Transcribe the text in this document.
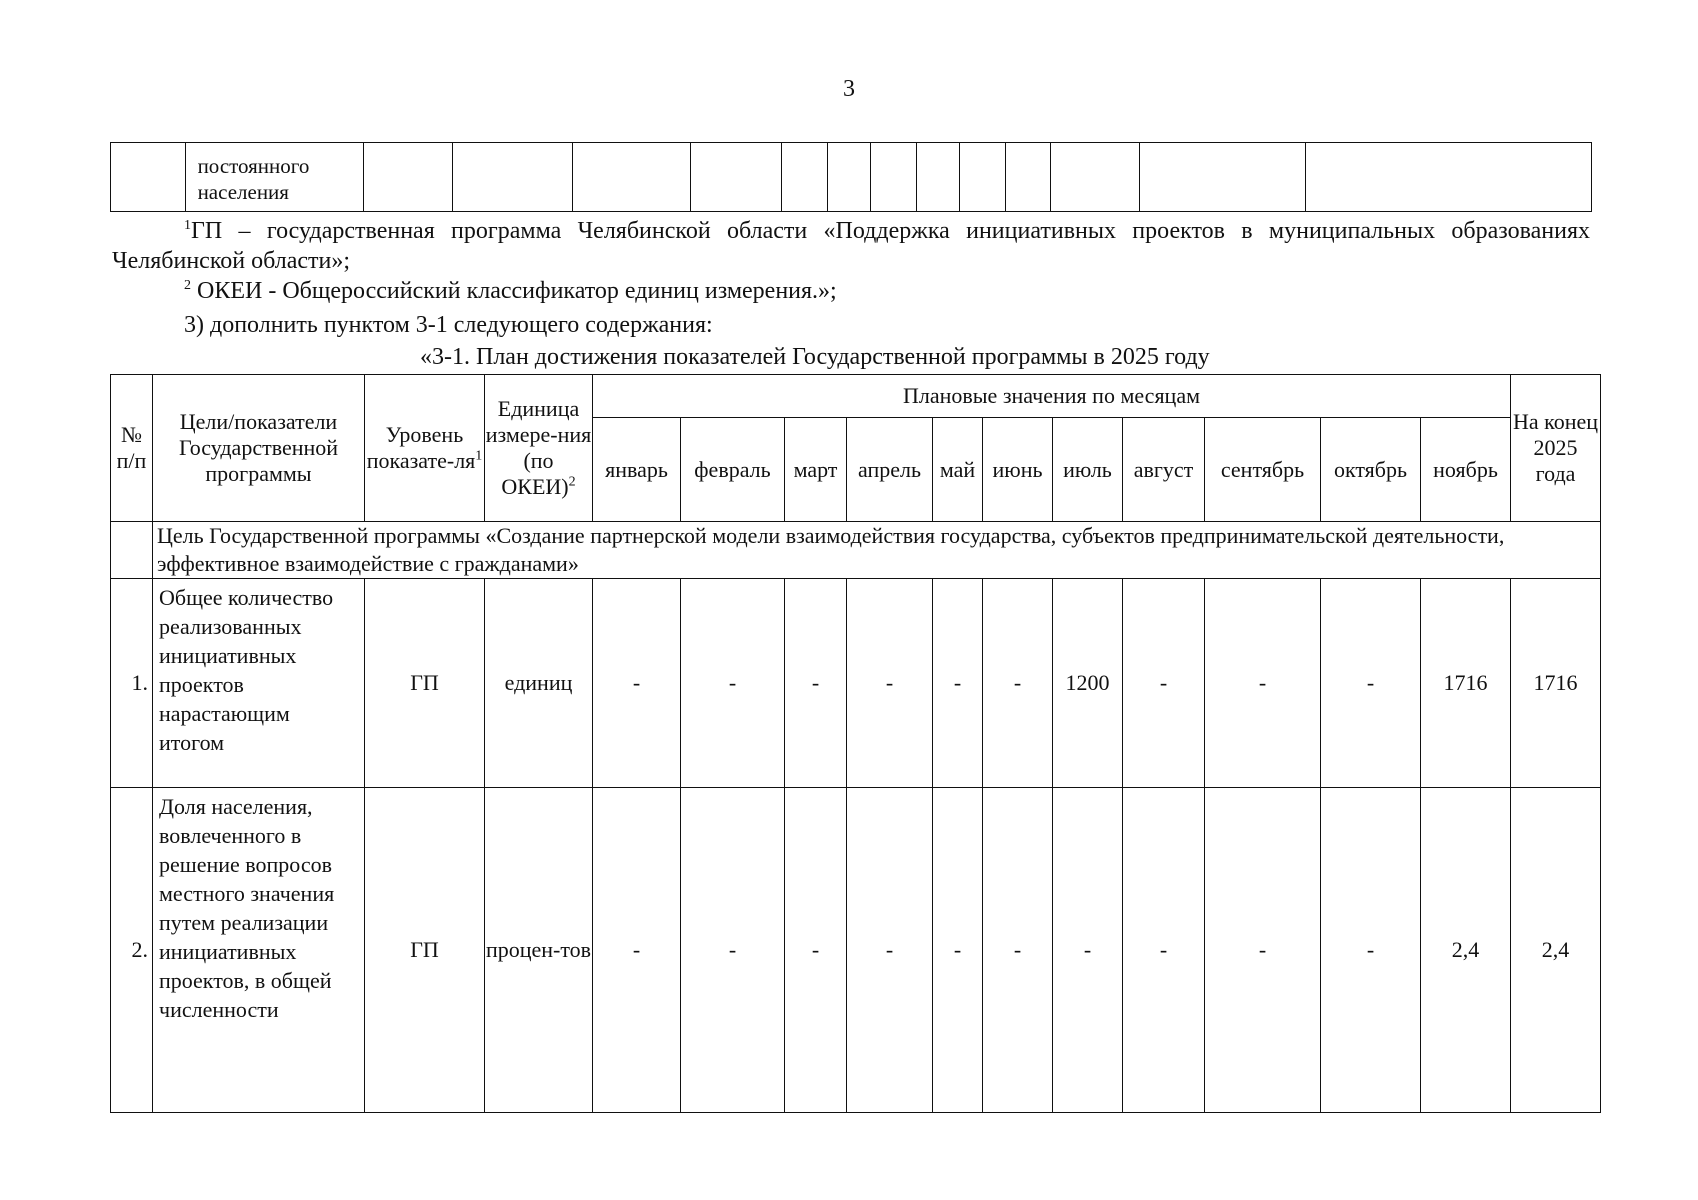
3
	постоянного населения													
$^1$ГП – государственная программа Челябинской области «Поддержка инициативных проектов в муниципальных образованиях Челябинской области»;
$^2$ ОКЕИ - Общероссийский классификатор единиц измерения.»;
3) дополнить пунктом 3-1 следующего содержания:
«3-1. План достижения показателей Государственной программы в 2025 году
№ п/п	Цели/показатели Государственной программы	Уровень показате-$ля^1$	Единица измере-ния (по ОКЕИ)$^2$	Плановые значения по месяцам											На конец 2025 года
				январь	февраль	март	апрель	май	июнь	июль	август	сентябрь	октябрь	ноябрь	
	Цель Государственной программы «Создание партнерской модели взаимодействия государства, субъектов предпринимательской деятельности, эффективное взаимодействие с гражданами»														
1.	Общее количество реализованных инициативных проектов нарастающим итогом	ГП	единиц	-	-	-	-	-	-	1200	-	-	-	1716	1716
2.	Доля населения, вовлеченного в решение вопросов местного значения путем реализации инициативных проектов, в общей численности	ГП	процен-тов	-	-	-	-	-	-	-	-	-	-	2,4	2,4
